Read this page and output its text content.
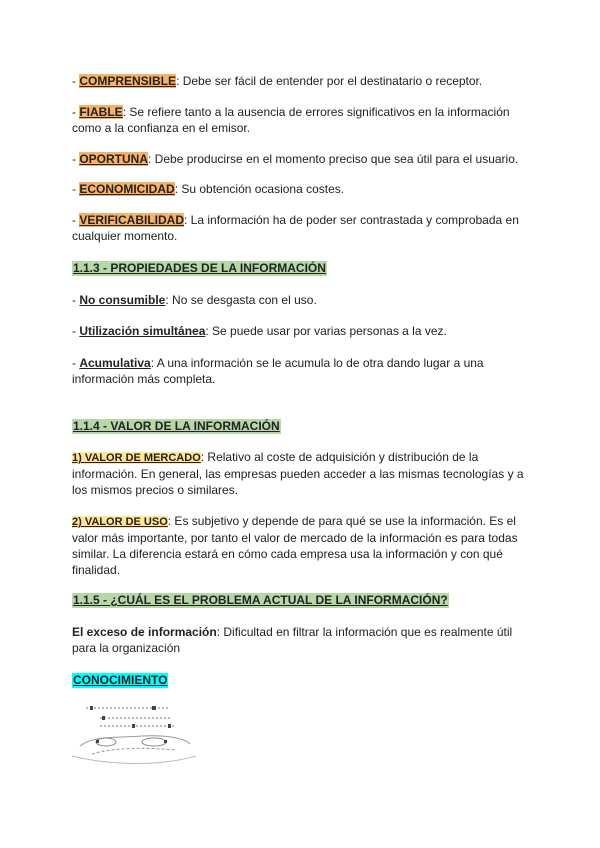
- COMPRENSIBLE: Debe ser fácil de entender por el destinatario o receptor.
- FIABLE: Se refiere tanto a la ausencia de errores significativos en la información como a la confianza en el emisor.
- OPORTUNA: Debe producirse en el momento preciso que sea útil para el usuario.
- ECONOMICIDAD: Su obtención ocasiona costes.
- VERIFICABILIDAD: La información ha de poder ser contrastada y comprobada en cualquier momento.
1.1.3 - PROPIEDADES DE LA INFORMACIÓN
- No consumible: No se desgasta con el uso.
- Utilización simultánea: Se puede usar por varias personas a la vez.
- Acumulativa: A una información se le acumula lo de otra dando lugar a una información más completa.
1.1.4 - VALOR DE LA INFORMACIÓN
1) VALOR DE MERCADO: Relativo al coste de adquisición y distribución de la información. En general, las empresas pueden acceder a las mismas tecnologías y a los mismos precios o similares.
2) VALOR DE USO: Es subjetivo y depende de para qué se use la información. Es el valor más importante, por tanto el valor de mercado de la información es para todas similar. La diferencia estará en cómo cada empresa usa la información y con qué finalidad.
1.1.5 - ¿CUÁL ES EL PROBLEMA ACTUAL DE LA INFORMACIÓN?
El exceso de información: Dificultad en filtrar la información que es realmente útil para la organización
CONOCIMIENTO
